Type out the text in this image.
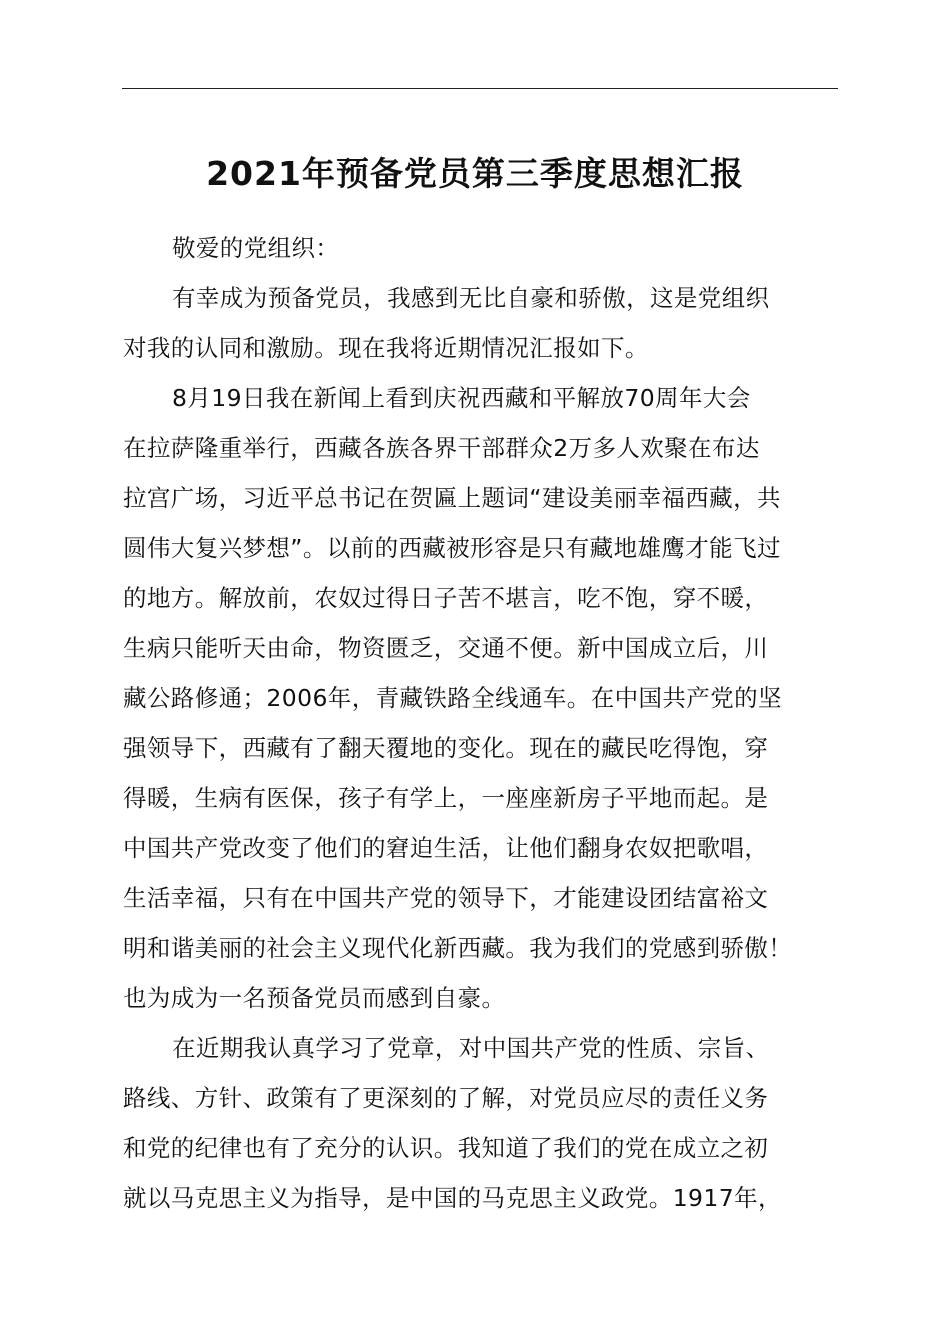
2021年预备党员第三季度思想汇报

敬爱的党组织：

有幸成为预备党员，我感到无比自豪和骄傲，这是党组织

对我的认同和激励。现在我将近期情况汇报如下。

8月19日我在新闻上看到庆祝西藏和平解放70周年大会

在拉萨隆重举行，西藏各族各界干部群众2万多人欢聚在布达

拉宫广场，习近平总书记在贺匾上题词“建设美丽幸福西藏，共

圆伟大复兴梦想”。以前的西藏被形容是只有藏地雄鹰才能飞过

的地方。解放前，农奴过得日子苦不堪言，吃不饱，穿不暖，

生病只能听天由命，物资匮乏，交通不便。新中国成立后，川

藏公路修通；2006年，青藏铁路全线通车。在中国共产党的坚

强领导下，西藏有了翻天覆地的变化。现在的藏民吃得饱，穿

得暖，生病有医保，孩子有学上，一座座新房子平地而起。是

中国共产党改变了他们的窘迫生活，让他们翻身农奴把歌唱，

生活幸福，只有在中国共产党的领导下，才能建设团结富裕文

明和谐美丽的社会主义现代化新西藏。我为我们的党感到骄傲！

也为成为一名预备党员而感到自豪。

在近期我认真学习了党章，对中国共产党的性质、宗旨、

路线、方针、政策有了更深刻的了解，对党员应尽的责任义务

和党的纪律也有了充分的认识。我知道了我们的党在成立之初

就以马克思主义为指导，是中国的马克思主义政党。1917年，
